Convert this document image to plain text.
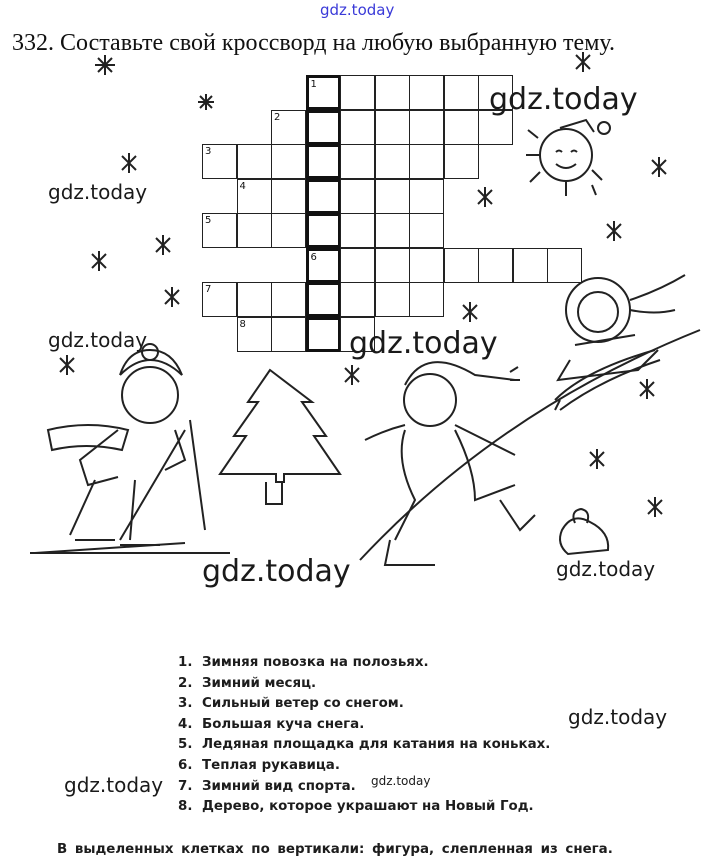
gdz.today
332. Составьте свой кроссворд на любую выбранную тему.
1
2
3
4
5
6
7
8
gdz.today
gdz.today
gdz.today	gdz.today
gdz.today	gdz.today
gdz.today
gdz.today	gdz.today
1. Зимняя повозка на полозьях.
2. Зимний месяц.
3. Сильный ветер со снегом.
4. Большая куча снега.
5. Ледяная площадка для катания на коньках.
6. Теплая рукавица.
7. Зимний вид спорта.
8. Дерево, которое украшают на Новый Год.
В выделенных клетках по вертикали: фигура, слепленная из снега.
